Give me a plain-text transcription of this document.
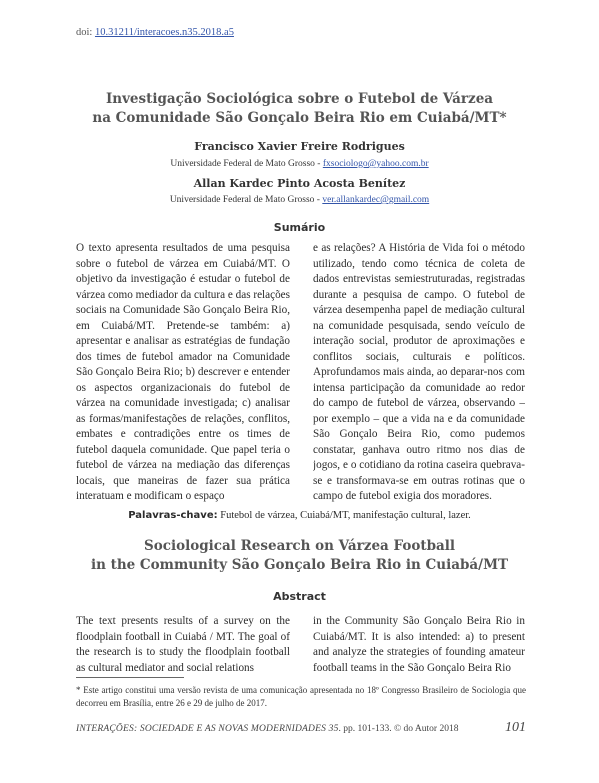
doi: 10.31211/interacoes.n35.2018.a5
Investigação Sociológica sobre o Futebol de Várzea
na Comunidade São Gonçalo Beira Rio em Cuiabá/MT*
Francisco Xavier Freire Rodrigues
Universidade Federal de Mato Grosso - fxsociologo@yahoo.com.br
Allan Kardec Pinto Acosta Benítez
Universidade Federal de Mato Grosso - ver.allankardec@gmail.com
Sumário

O texto apresenta resultados de uma pesquisa sobre o futebol de várzea em Cuiabá/MT. O objetivo da investigação é estudar o futebol de várzea como mediador da cultura e das relações sociais na Comunidade São Gonçalo Beira Rio, em Cuiabá/MT. Pretende-se também: a) apresentar e analisar as estratégias de fundação dos times de futebol amador na Comunidade São Gonçalo Beira Rio; b) descrever e entender os aspectos organizacionais do futebol de várzea na comunidade investigada; c) analisar as formas/manifestações de relações, conflitos, embates e contradições entre os times de futebol daquela comunidade. Que papel teria o futebol de várzea na mediação das diferenças locais, que maneiras de fazer sua prática interatuam e modificam o espaço

e as relações? A História de Vida foi o método utilizado, tendo como técnica de coleta de dados entrevistas semiestruturadas, registradas durante a pesquisa de campo. O futebol de várzea desempenha papel de mediação cultural na comunidade pesquisada, sendo veículo de interação social, produtor de aproximações e conflitos sociais, culturais e políticos. Aprofundamos mais ainda, ao deparar-nos com intensa participação da comunidade ao redor do campo de futebol de várzea, observando – por exemplo – que a vida na e da comunidade São Gonçalo Beira Rio, como pudemos constatar, ganhava outro ritmo nos dias de jogos, e o cotidiano da rotina caseira quebrava-se e transformava-se em outras rotinas que o campo de futebol exigia dos moradores.

Palavras-chave: Futebol de várzea, Cuiabá/MT, manifestação cultural, lazer.
Sociological Research on Várzea Football
in the Community São Gonçalo Beira Rio in Cuiabá/MT
Abstract

The text presents results of a survey on the floodplain football in Cuiabá / MT. The goal of the research is to study the floodplain football as cultural mediator and social relations

in the Community São Gonçalo Beira Rio in Cuiabá/MT. It is also intended: a) to present and analyze the strategies of founding amateur football teams in the São Gonçalo Beira Rio

* Este artigo constitui uma versão revista de uma comunicação apresentada no 18º Congresso Brasileiro de Sociologia que decorreu em Brasília, entre 26 e 29 de julho de 2017.
INTERAÇÕES: SOCIEDADE E AS NOVAS MODERNIDADES 35. pp. 101-133. © do Autor 2018	101
